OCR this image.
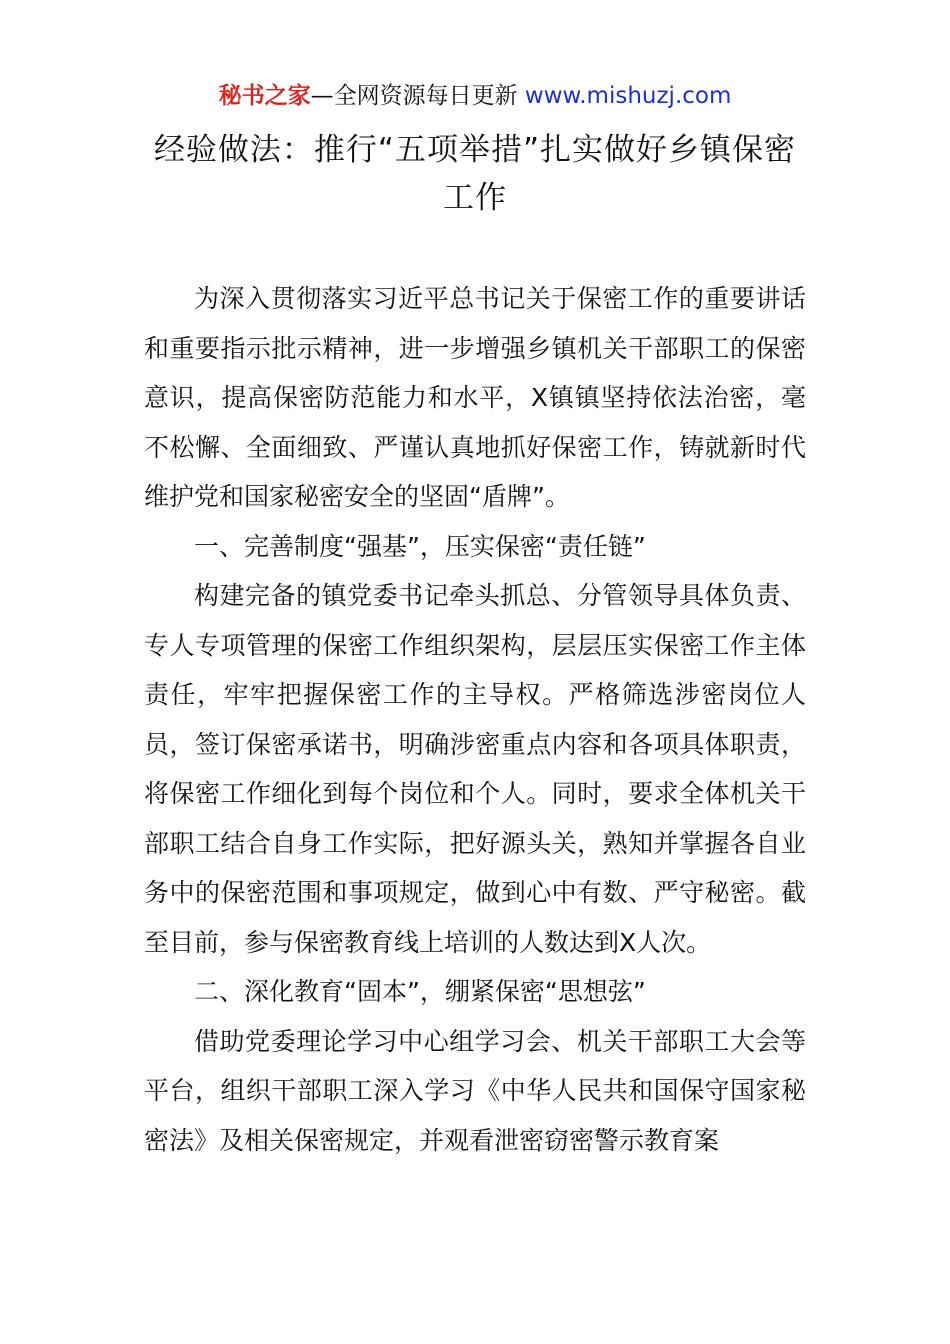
秘书之家—全网资源每日更新 www.mishuzj.com
经验做法：推行“五项举措”扎实做好乡镇保密工作

为深入贯彻落实习近平总书记关于保密工作的重要讲话和重要指示批示精神，进一步增强乡镇机关干部职工的保密意识，提高保密防范能力和水平，X镇镇坚持依法治密，毫不松懈、全面细致、严谨认真地抓好保密工作，铸就新时代维护党和国家秘密安全的坚固“盾牌”。

一、完善制度“强基”，压实保密“责任链”

构建完备的镇党委书记牵头抓总、分管领导具体负责、专人专项管理的保密工作组织架构，层层压实保密工作主体责任，牢牢把握保密工作的主导权。严格筛选涉密岗位人员，签订保密承诺书，明确涉密重点内容和各项具体职责，将保密工作细化到每个岗位和个人。同时，要求全体机关干部职工结合自身工作实际，把好源头关，熟知并掌握各自业务中的保密范围和事项规定，做到心中有数、严守秘密。截至目前，参与保密教育线上培训的人数达到X人次。

二、深化教育“固本”，绷紧保密“思想弦”

借助党委理论学习中心组学习会、机关干部职工大会等平台，组织干部职工深入学习《中华人民共和国保守国家秘密法》及相关保密规定，并观看泄密窃密警示教育案
